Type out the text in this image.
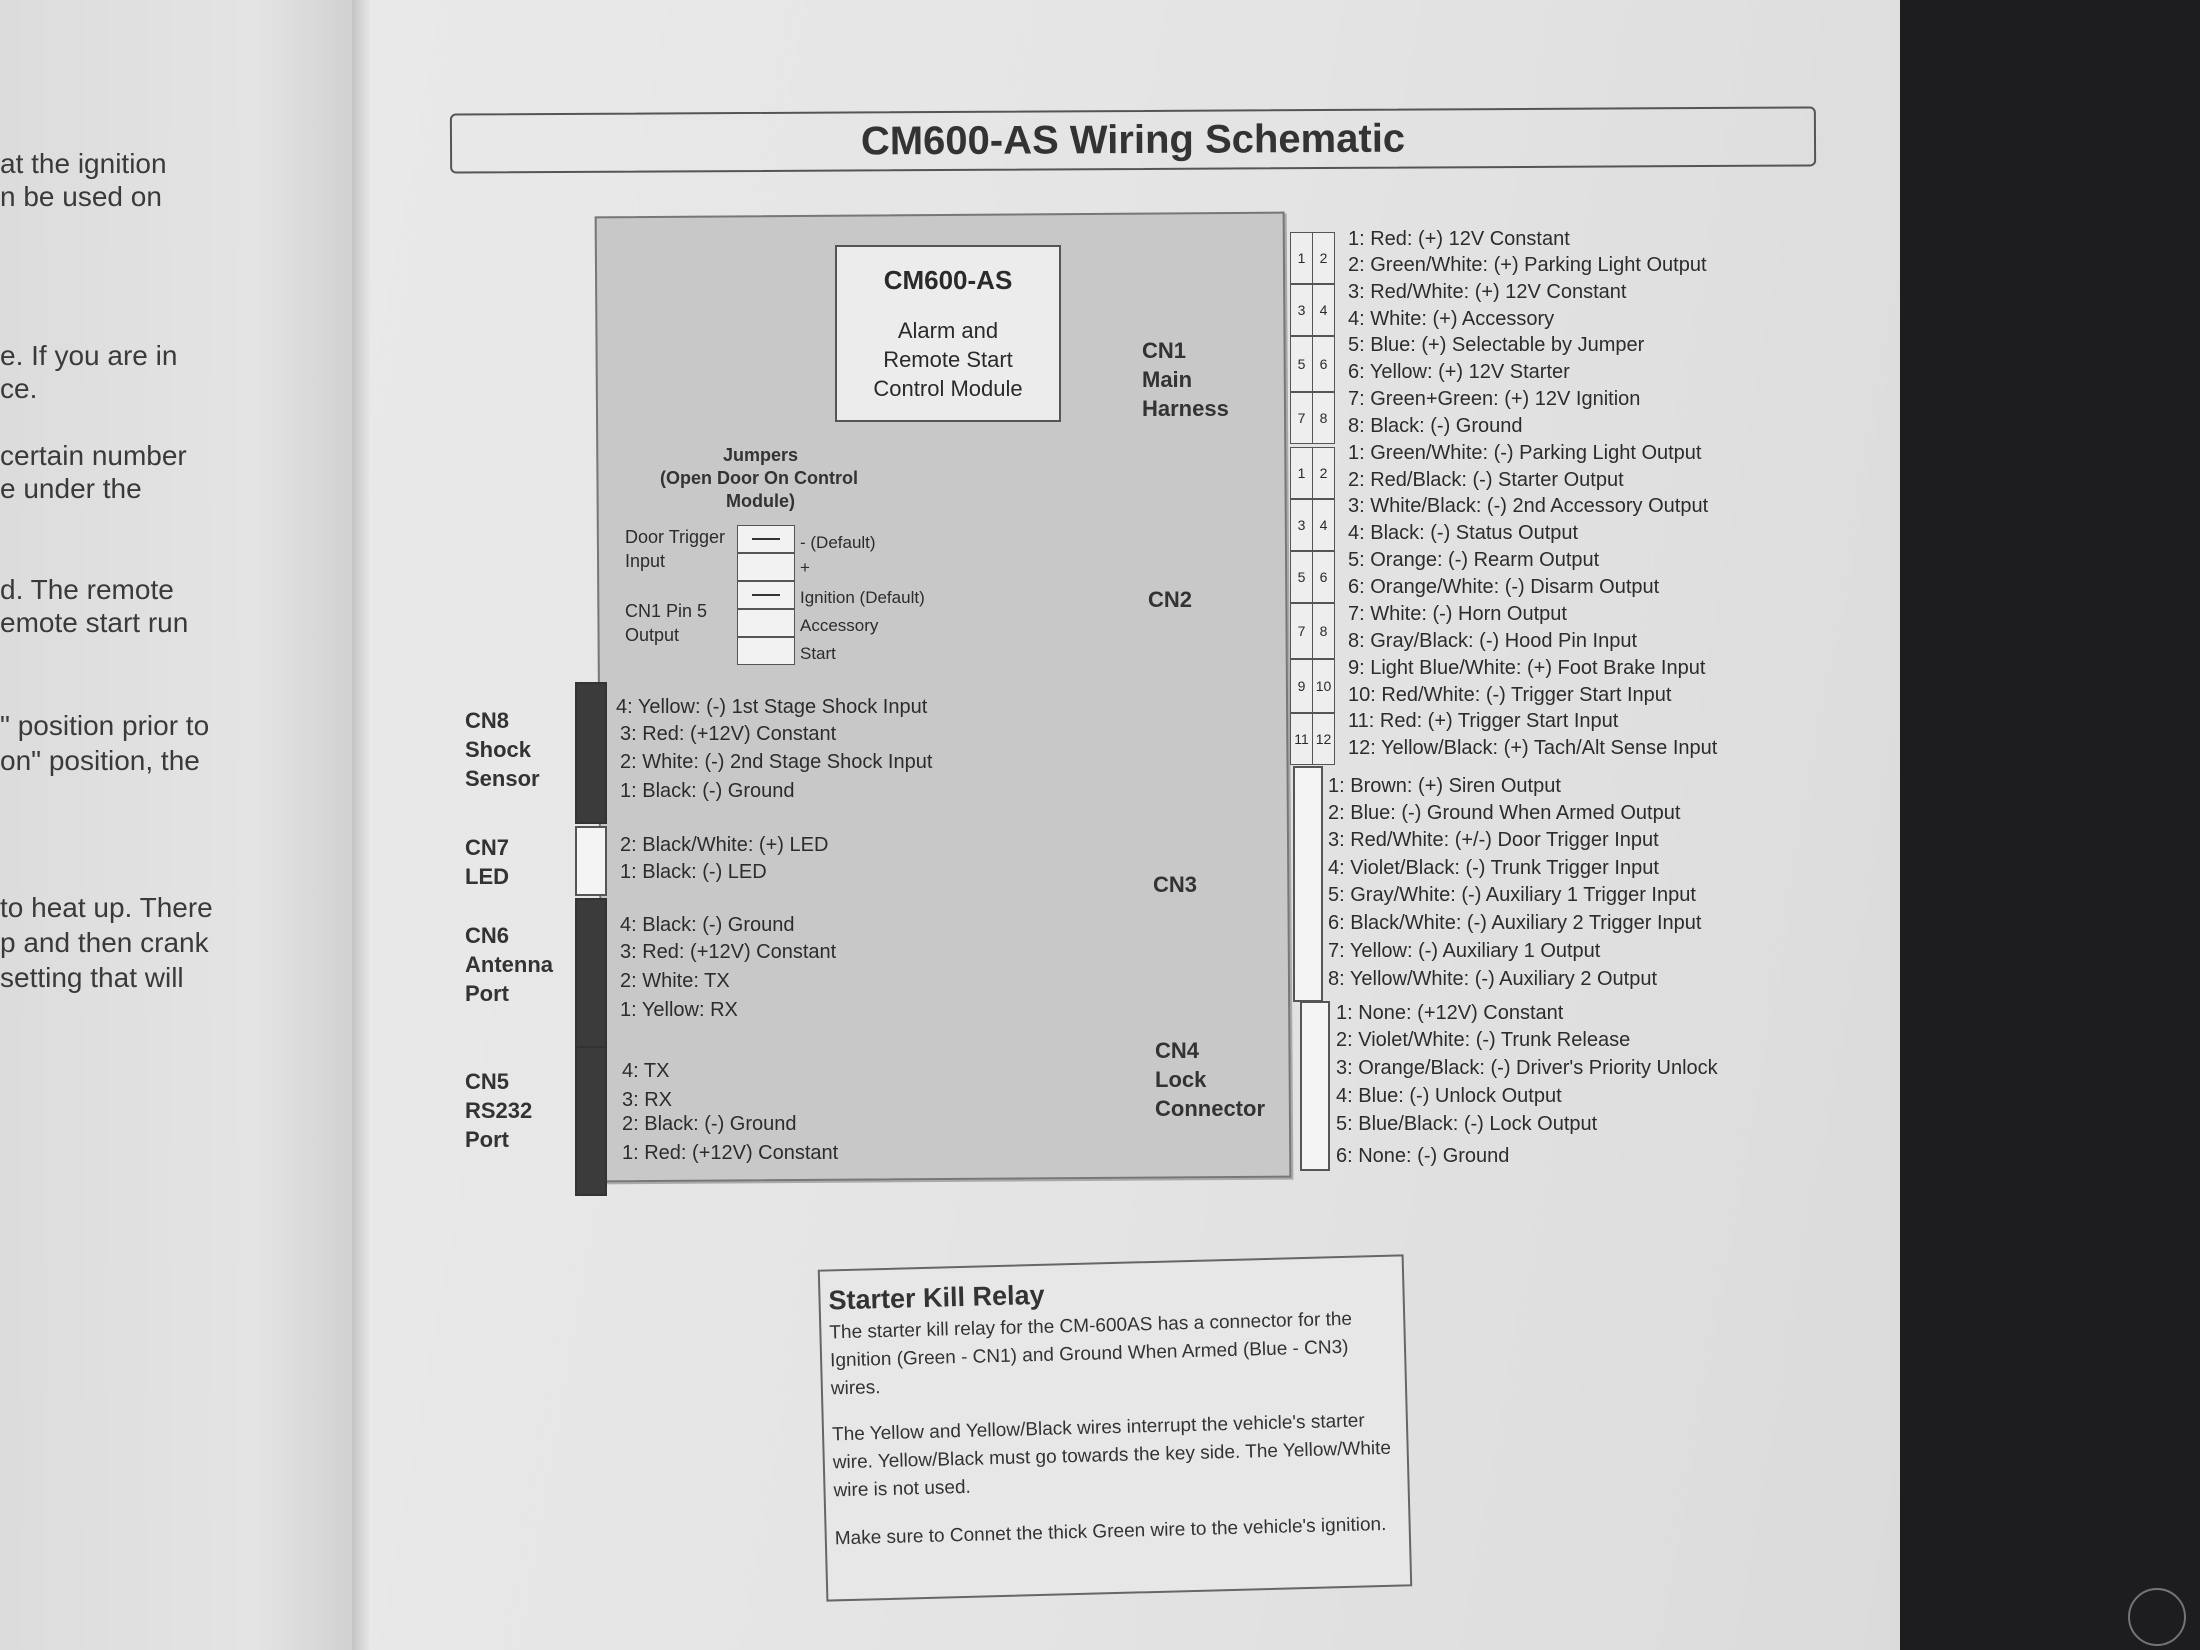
at the ignition
n be used on
e. If you are in
ce.
certain number
e under the
d. The remote
emote start run
" position prior to
on" position, the
to heat up. There
p and then crank
setting that will
CM600-AS Wiring Schematic
CM600-AS
Alarm and
Remote Start
Control Module
Jumpers
(Open Door On Control
Module)
Door Trigger
Input
CN1 Pin 5
Output
- (Default)
+
Ignition (Default)
Accessory
Start
CN1
Main
Harness
CN2
CN3
CN4
Lock
Connector
CN8
Shock
Sensor
CN7
LED
CN6
Antenna
Port
CN5
RS232
Port
4: Yellow: (-) 1st Stage Shock Input
3: Red: (+12V) Constant
2: White: (-) 2nd Stage Shock Input
1: Black: (-) Ground
2: Black/White: (+) LED
1: Black: (-) LED
4: Black: (-) Ground
3: Red: (+12V) Constant
2: White: TX
1: Yellow: RX
4: TX
3: RX
2: Black: (-) Ground
1: Red: (+12V) Constant
1	2
3	4
5	6
7	8
1	2
3	4
5	6
7	8
9 10
11 12
1: Red: (+) 12V Constant
2: Green/White: (+) Parking Light Output
3: Red/White: (+) 12V Constant
4: White: (+) Accessory
5: Blue: (+) Selectable by Jumper
6: Yellow: (+) 12V Starter
7: Green+Green: (+) 12V Ignition
8: Black: (-) Ground
1: Green/White: (-) Parking Light Output
2: Red/Black: (-) Starter Output
3: White/Black: (-) 2nd Accessory Output
4: Black: (-) Status Output
5: Orange: (-) Rearm Output
6: Orange/White: (-) Disarm Output
7: White: (-) Horn Output
8: Gray/Black: (-) Hood Pin Input
9: Light Blue/White: (+) Foot Brake Input
10: Red/White: (-) Trigger Start Input
11: Red: (+) Trigger Start Input
12: Yellow/Black: (+) Tach/Alt Sense Input
1: Brown: (+) Siren Output
2: Blue: (-) Ground When Armed Output
3: Red/White: (+/-) Door Trigger Input
4: Violet/Black: (-) Trunk Trigger Input
5: Gray/White: (-) Auxiliary 1 Trigger Input
6: Black/White: (-) Auxiliary 2 Trigger Input
7: Yellow: (-) Auxiliary 1 Output
8: Yellow/White: (-) Auxiliary 2 Output
1: None: (+12V) Constant
2: Violet/White: (-) Trunk Release
3: Orange/Black: (-) Driver's Priority Unlock
4: Blue: (-) Unlock Output
5: Blue/Black: (-) Lock Output
6: None: (-) Ground
Starter Kill Relay
The starter kill relay for the CM-600AS has a connector for the Ignition (Green - CN1) and Ground When Armed (Blue - CN3) wires.
The Yellow and Yellow/Black wires interrupt the vehicle's starter wire. Yellow/Black must go towards the key side. The Yellow/White wire is not used.
Make sure to Connet the thick Green wire to the vehicle's ignition.
